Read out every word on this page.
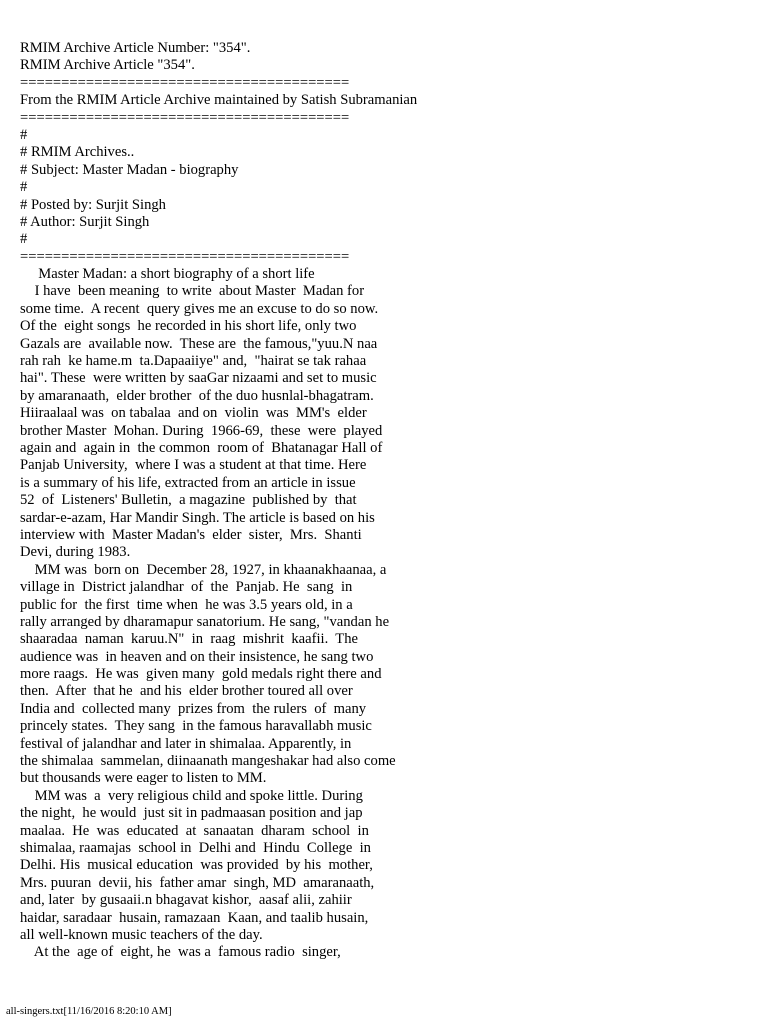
RMIM Archive Article Number: "354".
RMIM Archive Article "354".
========================================
From the RMIM Article Archive maintained by Satish Subramanian
========================================
#
# RMIM Archives..
# Subject: Master Madan - biography
#
# Posted by: Surjit Singh
# Author: Surjit Singh
#
========================================
Master Madan: a short biography of a short life
I have  been meaning  to write  about Master  Madan for
some time.  A recent  query gives me an excuse to do so now.
Of the  eight songs  he recorded in his short life, only two
Gazals are  available now.  These are  the famous,"yuu.N naa
rah rah  ke hame.m  ta.Dapaaiiye" and,  "hairat se tak rahaa
hai". These  were written by saaGar nizaami and set to music
by amaranaath,  elder brother  of the duo husnlal-bhagatram.
Hiiraalaal was  on tabalaa  and on  violin  was  MM's  elder
brother Master  Mohan. During  1966-69,  these  were  played
again and  again in  the common  room of  Bhatanagar Hall of
Panjab University,  where I was a student at that time. Here
is a summary of his life, extracted from an article in issue
52  of  Listeners' Bulletin,  a magazine  published by  that
sardar-e-azam, Har Mandir Singh. The article is based on his
interview with  Master Madan's  elder  sister,  Mrs.  Shanti
Devi, during 1983.
MM was  born on  December 28, 1927, in khaanakhaanaa, a
village in  District jalandhar  of  the  Panjab. He  sang  in
public for  the first  time when  he was 3.5 years old, in a
rally arranged by dharamapur sanatorium. He sang, "vandan he
shaaradaa  naman  karuu.N"  in  raag  mishrit  kaafii.  The
audience was  in heaven and on their insistence, he sang two
more raags.  He was  given many  gold medals right there and
then.  After  that he  and his  elder brother toured all over
India and  collected many  prizes from  the rulers  of  many
princely states.  They sang  in the famous haravallabh music
festival of jalandhar and later in shimalaa. Apparently, in
the shimalaa  sammelan, diinaanath mangeshakar had also come
but thousands were eager to listen to MM.
MM was  a  very religious child and spoke little. During
the night,  he would  just sit in padmaasan position and jap
maalaa.  He  was  educated  at  sanaatan  dharam  school  in
shimalaa, raamajas  school in  Delhi and  Hindu  College  in
Delhi. His  musical education  was provided  by his  mother,
Mrs. puuran  devii, his  father amar  singh, MD  amaranaath,
and, later  by gusaaii.n bhagavat kishor,  aasaf alii, zahiir
haidar, saradaar  husain, ramazaan  Kaan, and taalib husain,
all well-known music teachers of the day.
At the  age of  eight, he  was a  famous radio  singer,
all-singers.txt[11/16/2016 8:20:10 AM]
